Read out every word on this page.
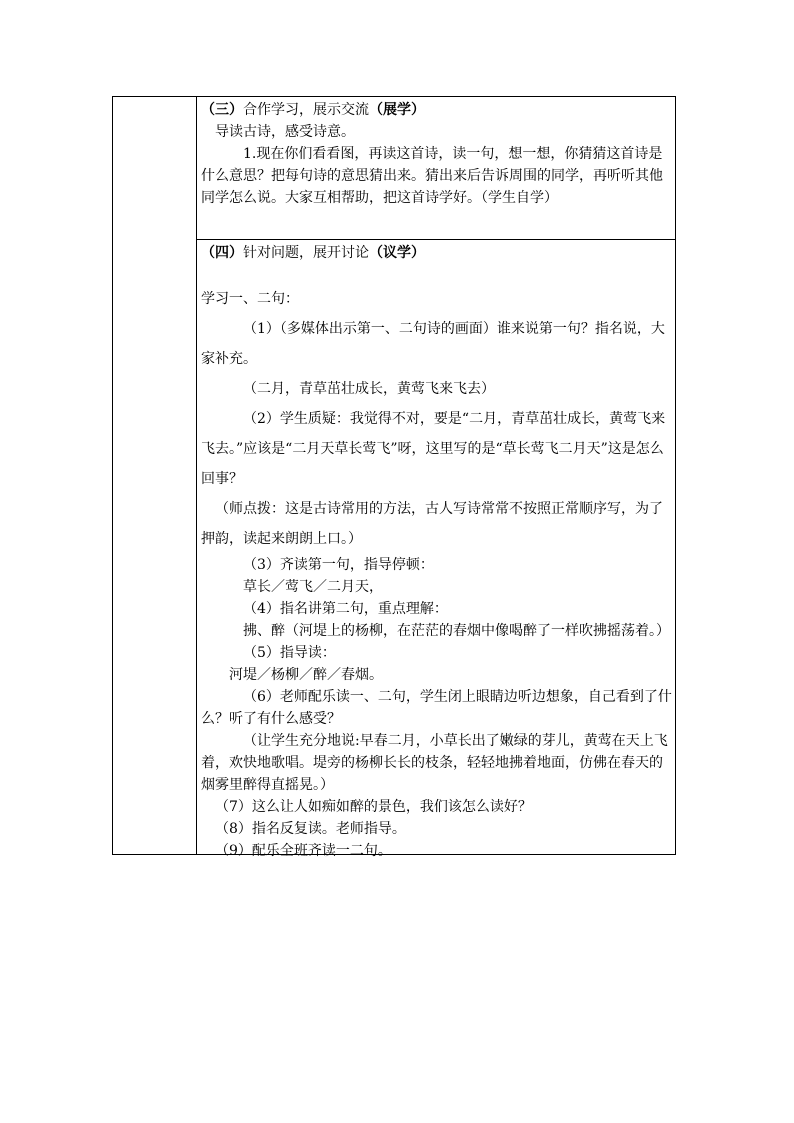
（三）合作学习，展示交流（展学）

导读古诗，感受诗意。

1.现在你们看看图，再读这首诗，读一句，想一想，你猜猜这首诗是什么意思？把每句诗的意思猜出来。猜出来后告诉周围的同学，再听听其他同学怎么说。大家互相帮助，把这首诗学好。（学生自学）

（四）针对问题，展开讨论（议学）

学习一、二句：

（1）（多媒体出示第一、二句诗的画面）谁来说第一句？指名说，大家补充。

（二月，青草茁壮成长，黄莺飞来飞去）

（2）学生质疑：我觉得不对，要是“二月，青草茁壮成长，黄莺飞来飞去。”应该是“二月天草长莺飞”呀，这里写的是“草长莺飞二月天”这是怎么回事？

（师点拨：这是古诗常用的方法，古人写诗常常不按照正常顺序写，为了押韵，读起来朗朗上口。）

（3）齐读第一句，指导停顿：

草长／莺飞／二月天，

（4）指名讲第二句，重点理解：

拂、醉（河堤上的杨柳，在茫茫的春烟中像喝醉了一样吹拂摇荡着。）

（5）指导读：

河堤／杨柳／醉／春烟。

（6）老师配乐读一、二句，学生闭上眼睛边听边想象，自己看到了什么？听了有什么感受？

（让学生充分地说:早春二月，小草长出了嫩绿的芽儿，黄莺在天上飞着，欢快地歌唱。堤旁的杨柳长长的枝条，轻轻地拂着地面，仿佛在春天的烟雾里醉得直摇晃。）

（7）这么让人如痴如醉的景色，我们该怎么读好？

（8）指名反复读。老师指导。

（9）配乐全班齐读一二句。
